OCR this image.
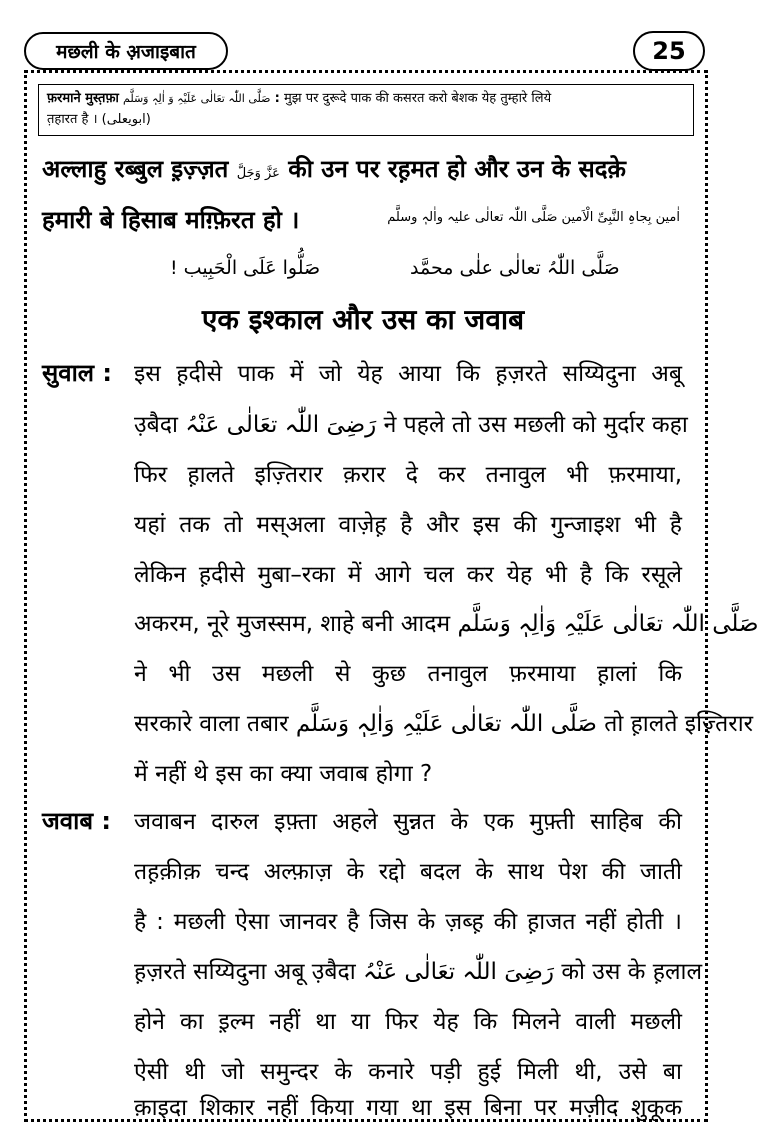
मछली के अ़जाइबात	25
फ़रमाने मुस्त़फ़ा صَلَّی اللّٰہ تعَالٰی عَلَیْہِ وَ اٰلِہٖ وَسَلَّم : मुझ पर दुरूदे पाक की कसरत करो बेशक येह तुम्हारे लिये
त़हारत है । (ابویعلی)
अल्लाहु रब्बुल इ़ज़्ज़त عَزَّ وَجَلَّ की उन पर रह़मत हो और उन के सदक़े
हमारी बे हिसाब मग़्फ़िरत हो ।	اٰمین بِجاہِ النَّبِیِّ الْاَمین صَلَّی اللّٰہ تعالٰی علیہ واٰلہٖ وسلَّم
صَلُّوا عَلَی الْحَبِیب !	صَلَّی اللّٰہُ تعالٰی علٰی محمَّد
एक इश्काल और उस का जवाब
सुवाल : इस ह़दीसे पाक में जो येह आया कि ह़ज़रते सय्यिदुना अबू
उ़बैदा رَضِیَ اللّٰہ تعَالٰی عَنْہُ ने पहले तो उस मछली को मुर्दार कहा
फिर ह़ालते इज़्तिरार क़रार दे कर तनावुल भी फ़रमाया,
यहां तक तो मस्अला वाज़ेह़ है और इस की गुन्जाइश भी है
लेकिन ह़दीसे मुबा–रका में आगे चल कर येह भी है कि रसूले
अकरम, नूरे मुजस्सम, शाहे बनी आदम صَلَّی اللّٰہ تعَالٰی عَلَیْہِ وَاٰلِہٖ وَسَلَّم
ने भी उस मछली से कुछ तनावुल फ़रमाया ह़ालां कि
सरकारे वाला तबार صَلَّی اللّٰہ تعَالٰی عَلَیْہِ وَاٰلِہٖ وَسَلَّم तो ह़ालते इज़्तिरार
में नहीं थे इस का क्या जवाब होगा ?
जवाब : जवाबन दारुल इफ़्ता अहले सुन्नत के एक मुफ़्ती साहिब की
तह़क़ीक़ चन्द अल्फ़ाज़ के रद्दो बदल के साथ पेश की जाती
है : मछली ऐसा जानवर है जिस के ज़ब्ह़ की ह़ाजत नहीं होती ।
ह़ज़रते सय्यिदुना अबू उ़बैदा رَضِیَ اللّٰہ تعَالٰی عَنْہُ को उस के ह़लाल
होने का इ़ल्म नहीं था या फिर येह कि मिलने वाली मछली
ऐसी थी जो समुन्दर के कनारे पड़ी हुई मिली थी, उसे बा
क़ाइदा शिकार नहीं किया गया था इस बिना पर मज़ीद शुकूक
